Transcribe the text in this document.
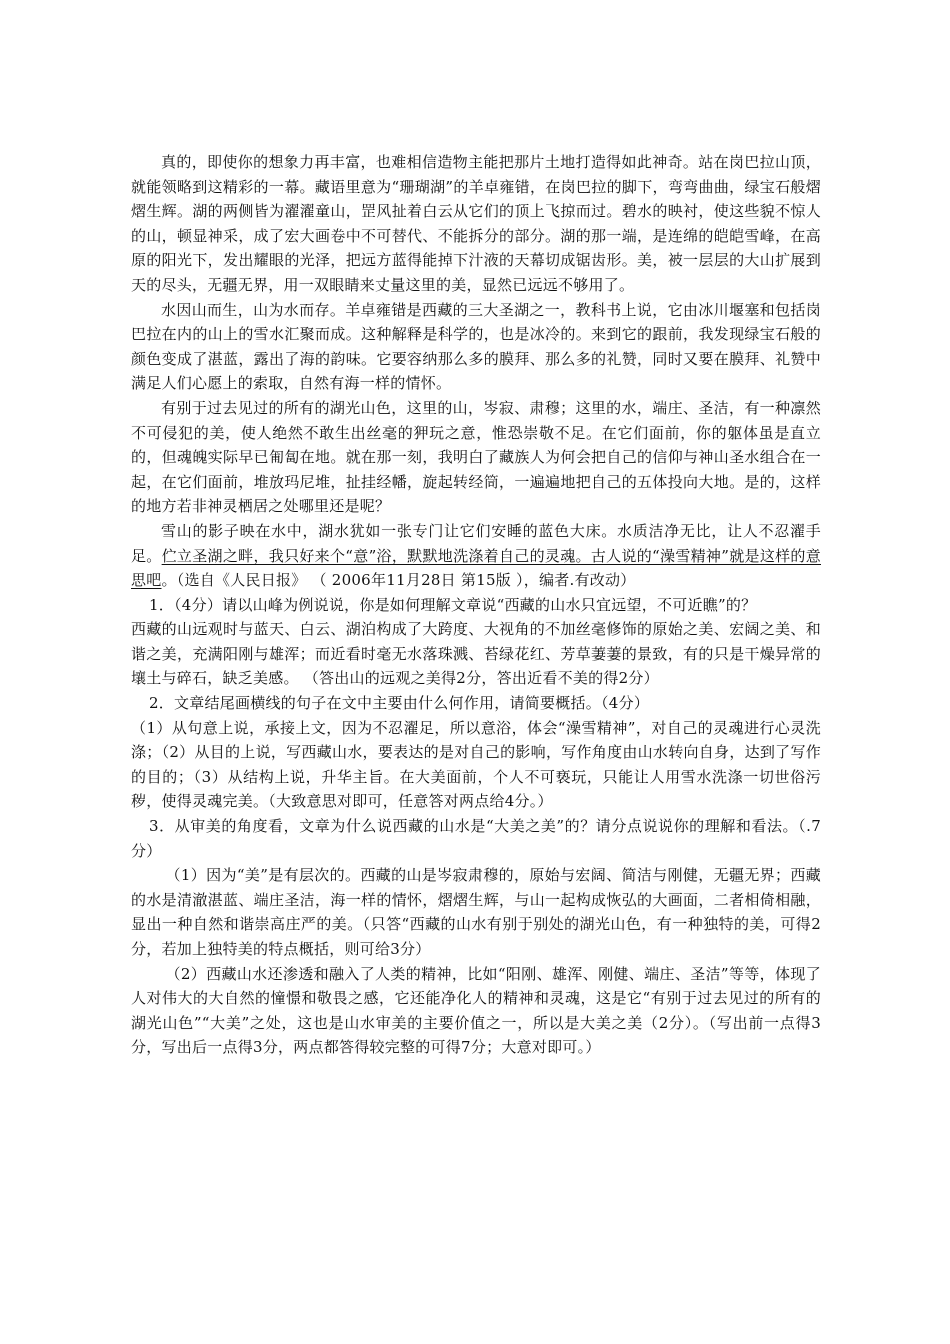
真的，即使你的想象力再丰富，也难相信造物主能把那片土地打造得如此神奇。站在岗巴拉山顶，就能领略到这精彩的一幕。藏语里意为“珊瑚湖”的羊卓雍错，在岗巴拉的脚下，弯弯曲曲，绿宝石般熠熠生辉。湖的两侧皆为濯濯童山，罡风扯着白云从它们的顶上飞掠而过。碧水的映衬，使这些貌不惊人的山，顿显神采，成了宏大画卷中不可替代、不能拆分的部分。湖的那一端，是连绵的皑皑雪峰，在高原的阳光下，发出耀眼的光泽，把远方蓝得能掉下汁液的天幕切成锯齿形。美，被一层层的大山扩展到天的尽头，无疆无界，用一双眼睛来丈量这里的美，显然已远远不够用了。

水因山而生，山为水而存。羊卓雍错是西藏的三大圣湖之一，教科书上说，它由冰川堰塞和包括岗巴拉在内的山上的雪水汇聚而成。这种解释是科学的，也是冰冷的。来到它的跟前，我发现绿宝石般的颜色变成了湛蓝，露出了海的韵味。它要容纳那么多的膜拜、那么多的礼赞，同时又要在膜拜、礼赞中满足人们心愿上的索取，自然有海一样的情怀。

有别于过去见过的所有的湖光山色，这里的山，岑寂、肃穆；这里的水，端庄、圣洁，有一种凛然不可侵犯的美，使人绝然不敢生出丝毫的狎玩之意，惟恐崇敬不足。在它们面前，你的躯体虽是直立的，但魂魄实际早已匍匐在地。就在那一刻，我明白了藏族人为何会把自己的信仰与神山圣水组合在一起，在它们面前，堆放玛尼堆，扯挂经幡，旋起转经筒，一遍遍地把自己的五体投向大地。是的，这样的地方若非神灵栖居之处哪里还是呢？

雪山的影子映在水中，湖水犹如一张专门让它们安睡的蓝色大床。水质洁净无比，让人不忍濯手足。伫立圣湖之畔，我只好来个“意”浴，默默地洗涤着自己的灵魂。古人说的“澡雪精神”就是这样的意思吧。（选自《人民日报》 （ 2006年11月28日 第15版 ），编者.有改动）

1．（4分）请以山峰为例说说，你是如何理解文章说“西藏的山水只宜远望，不可近瞧”的？

西藏的山远观时与蓝天、白云、湖泊构成了大跨度、大视角的不加丝毫修饰的原始之美、宏阔之美、和谐之美，充满阳刚与雄浑；而近看时毫无水落珠溅、苔绿花红、芳草萋萋的景致，有的只是干燥异常的壤土与碎石，缺乏美感。 （答出山的远观之美得2分，答出近看不美的得2分）

2．文章结尾画横线的句子在文中主要由什么何作用，请简要概括。（4分）

（1）从句意上说，承接上文，因为不忍濯足，所以意浴，体会“澡雪精神”，对自己的灵魂进行心灵洗涤；（2）从目的上说，写西藏山水，要表达的是对自己的影响，写作角度由山水转向自身，达到了写作的目的；（3）从结构上说，升华主旨。在大美面前，个人不可亵玩，只能让人用雪水洗涤一切世俗污秽，使得灵魂完美。（大致意思对即可，任意答对两点给4分。）

3．从审美的角度看，文章为什么说西藏的山水是“大美之美”的？请分点说说你的理解和看法。（.7分）

（1）因为“美”是有层次的。西藏的山是岑寂肃穆的，原始与宏阔、简洁与刚健，无疆无界；西藏的水是清澈湛蓝、端庄圣洁，海一样的情怀，熠熠生辉，与山一起构成恢弘的大画面，二者相倚相融，显出一种自然和谐崇高庄严的美。（只答“西藏的山水有别于别处的湖光山色，有一种独特的美，可得2分，若加上独特美的特点概括，则可给3分）

（2）西藏山水还渗透和融入了人类的精神，比如“阳刚、雄浑、刚健、端庄、圣洁”等等，体现了人对伟大的大自然的憧憬和敬畏之感，它还能净化人的精神和灵魂，这是它“有别于过去见过的所有的湖光山色”“大美”之处，这也是山水审美的主要价值之一，所以是大美之美（2分）。（写出前一点得3分，写出后一点得3分，两点都答得较完整的可得7分；大意对即可。）
